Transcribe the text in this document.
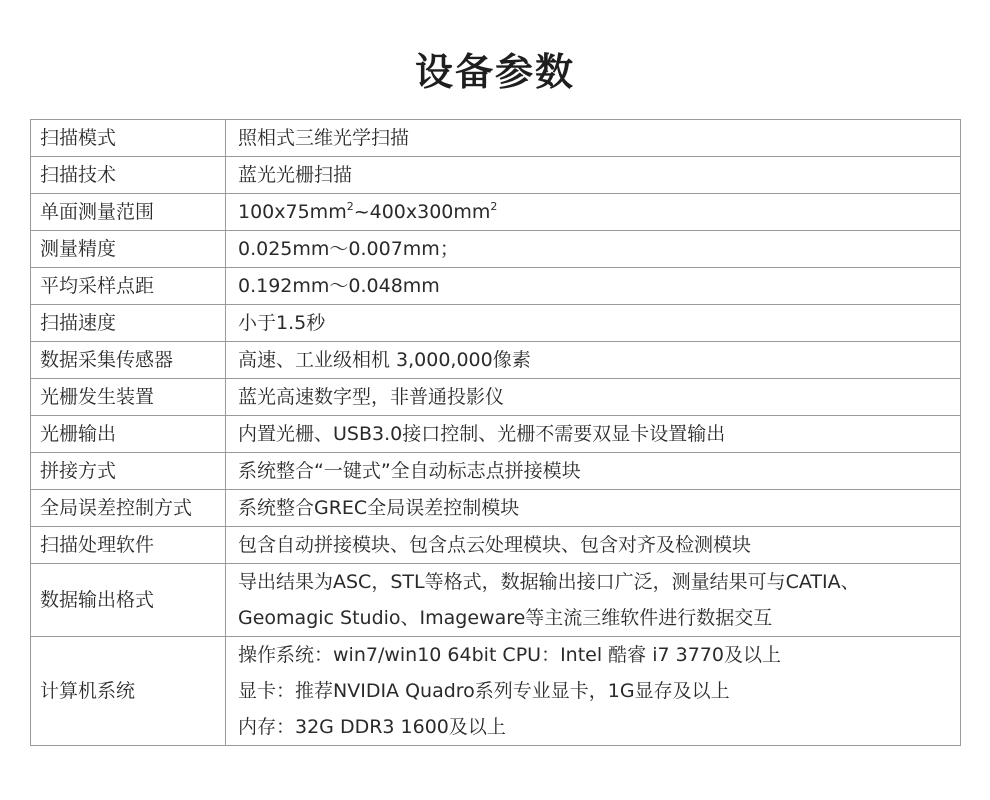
设备参数
扫描模式	照相式三维光学扫描
扫描技术	蓝光光栅扫描
单面测量范围	$100x75mm^2\sim 400x300mm^2$
测量精度	0.025mm～0.007mm；
平均采样点距	0.192mm～0.048mm
扫描速度	小于1.5秒
数据采集传感器	高速、工业级相机 3,000,000像素
光栅发生装置	蓝光高速数字型，非普通投影仪
光栅输出	内置光栅、USB3.0接口控制、光栅不需要双显卡设置输出
拼接方式	系统整合“一键式”全自动标志点拼接模块
全局误差控制方式	系统整合GREC全局误差控制模块
扫描处理软件	包含自动拼接模块、包含点云处理模块、包含对齐及检测模块
数据输出格式	导出结果为ASC，STL等格式，数据输出接口广泛，测量结果可与CATIA、
Geomagic Studio、Imageware等主流三维软件进行数据交互

计算机系统	操作系统：win7/win10 64bit CPU：Intel 酷睿 i7 3770及以上
显卡：推荐NVIDIA Quadro系列专业显卡，1G显存及以上
内存：32G DDR3 1600及以上
